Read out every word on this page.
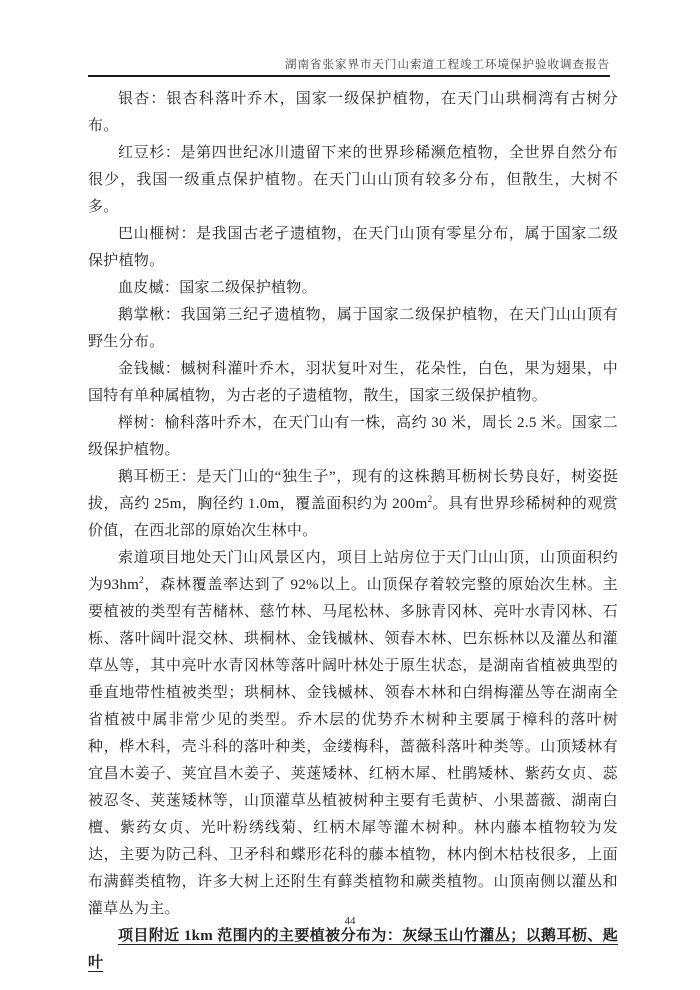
湖南省张家界市天门山索道工程竣工环境保护验收调查报告

银杏：银杏科落叶乔木，国家一级保护植物，在天门山珙桐湾有古树分布。

红豆杉：是第四世纪冰川遗留下来的世界珍稀濒危植物，全世界自然分布很少，我国一级重点保护植物。在天门山山顶有较多分布，但散生，大树不多。

巴山榧树：是我国古老孑遗植物，在天门山顶有零星分布，属于国家二级保护植物。

血皮槭：国家二级保护植物。

鹅掌楸：我国第三纪孑遗植物，属于国家二级保护植物，在天门山山顶有野生分布。

金钱槭：槭树科灌叶乔木，羽状复叶对生，花朵性，白色，果为翅果，中国特有单种属植物，为古老的子遗植物，散生，国家三级保护植物。

榉树：榆科落叶乔木，在天门山有一株，高约 30 米，周长 2.5 米。国家二级保护植物。

鹅耳枥王：是天门山的“独生子”，现有的这株鹅耳枥树长势良好，树姿挺拔，高约 25m，胸径约 1.0m，覆盖面积约为 $200m^2$。具有世界珍稀树种的观赏价值，在西北部的原始次生林中。

索道项目地处天门山风景区内，项目上站房位于天门山山顶，山顶面积约为$93hm^2$，森林覆盖率达到了 92%以上。山顶保存着较完整的原始次生林。主要植被的类型有苦槠林、慈竹林、马尾松林、多脉青冈林、亮叶水青冈林、石栎、落叶阔叶混交林、珙桐林、金钱槭林、领春木林、巴东栎林以及灌丛和灌草丛等，其中亮叶水青冈林等落叶阔叶林处于原生状态，是湖南省植被典型的垂直地带性植被类型；珙桐林、金钱槭林、领春木林和白绢梅灌丛等在湖南全省植被中属非常少见的类型。乔木层的优势乔木树种主要属于樟科的落叶树种，桦木科，壳斗科的落叶种类，金缕梅科，蔷薇科落叶种类等。山顶矮林有宜昌木姜子、荚宜昌木姜子、荚蒾矮林、红柄木犀、杜鹃矮林、紫药女贞、蕊被忍冬、荚蒾矮林等，山顶灌草丛植被树种主要有毛黄栌、小果蔷薇、湖南白檀、紫药女贞、光叶粉绣线菊、红柄木犀等灌木树种。林内藤本植物较为发达，主要为防己科、卫矛科和蝶形花科的藤本植物，林内倒木枯枝很多，上面布满藓类植物，许多大树上还附生有藓类植物和蕨类植物。山顶南侧以灌丛和灌草丛为主。

项目附近 1km 范围内的主要植被分布为：灰绿玉山竹灌丛；以鹅耳枥、匙叶

44
